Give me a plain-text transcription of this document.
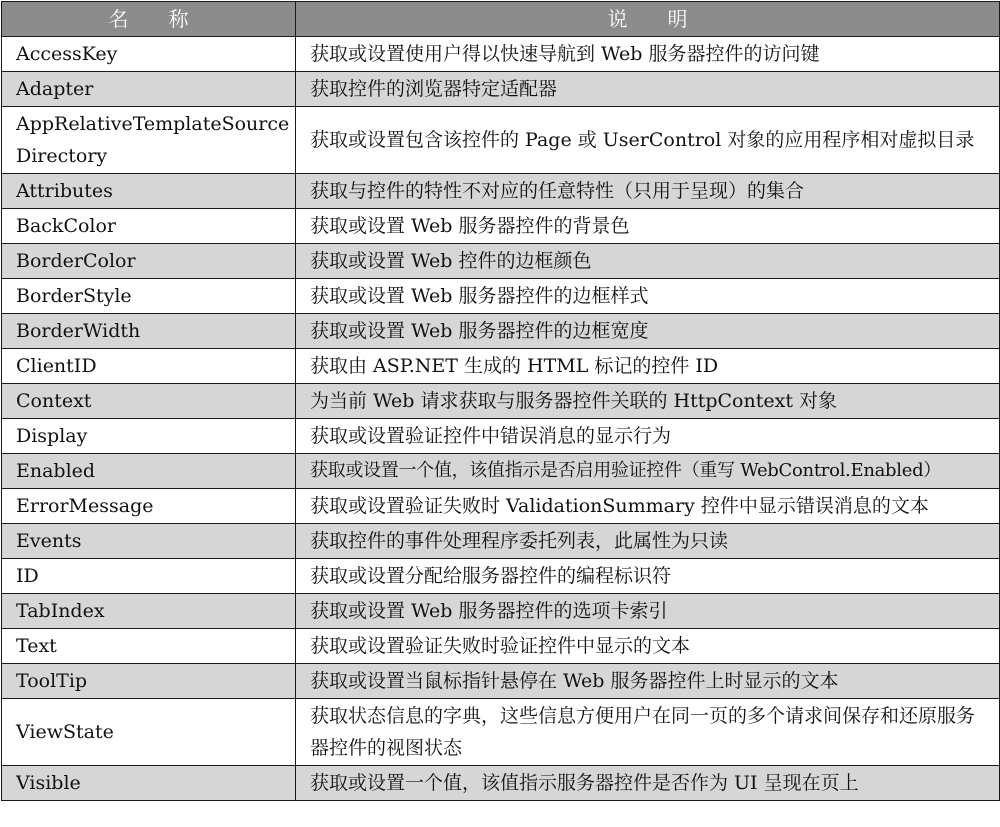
名　　称	说　　明
AccessKey	获取或设置使用户得以快速导航到 Web 服务器控件的访问键
Adapter	获取控件的浏览器特定适配器
AppRelativeTemplateSource Directory	获取或设置包含该控件的 Page 或 UserControl 对象的应用程序相对虚拟目录
Attributes	获取与控件的特性不对应的任意特性（只用于呈现）的集合
BackColor	获取或设置 Web 服务器控件的背景色
BorderColor	获取或设置 Web 控件的边框颜色
BorderStyle	获取或设置 Web 服务器控件的边框样式
BorderWidth	获取或设置 Web 服务器控件的边框宽度
ClientID	获取由 ASP.NET 生成的 HTML 标记的控件 ID
Context	为当前 Web 请求获取与服务器控件关联的 HttpContext 对象
Display	获取或设置验证控件中错误消息的显示行为
Enabled	获取或设置一个值，该值指示是否启用验证控件（重写 WebControl.Enabled）
ErrorMessage	获取或设置验证失败时 ValidationSummary 控件中显示错误消息的文本
Events	获取控件的事件处理程序委托列表，此属性为只读
ID	获取或设置分配给服务器控件的编程标识符
TabIndex	获取或设置 Web 服务器控件的选项卡索引
Text	获取或设置验证失败时验证控件中显示的文本
ToolTip	获取或设置当鼠标指针悬停在 Web 服务器控件上时显示的文本
ViewState	获取状态信息的字典，这些信息方便用户在同一页的多个请求间保存和还原服务器控件的视图状态
Visible	获取或设置一个值，该值指示服务器控件是否作为 UI 呈现在页上
